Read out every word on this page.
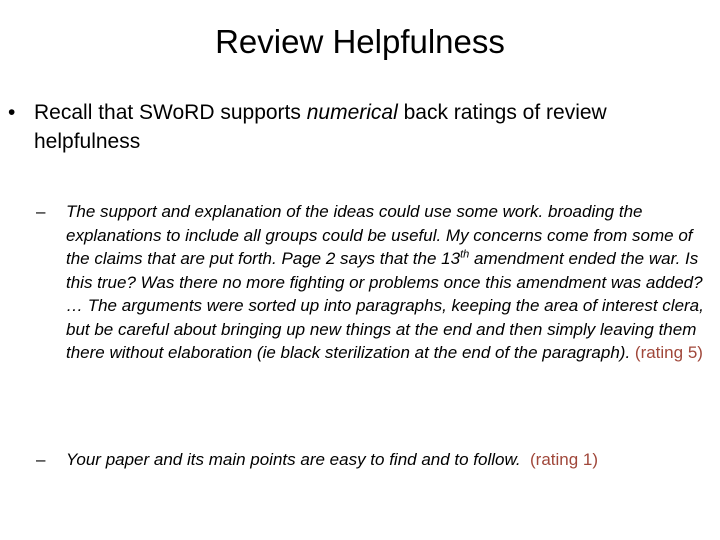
Review Helpfulness
• Recall that SWoRD supports numerical back ratings of review helpfulness
–	The support and explanation of the ideas could use some work. broading the explanations to include all groups could be useful. My concerns come from some of the claims that are put forth. Page 2 says that the 13th amendment ended the war. Is this true? Was there no more fighting or problems once this amendment was added? … The arguments were sorted up into paragraphs, keeping the area of interest clera, but be careful about bringing up new things at the end and then simply leaving them there without elaboration (ie black sterilization at the end of the paragraph). (rating 5)
–	Your paper and its main points are easy to find and to follow. (rating 1)
